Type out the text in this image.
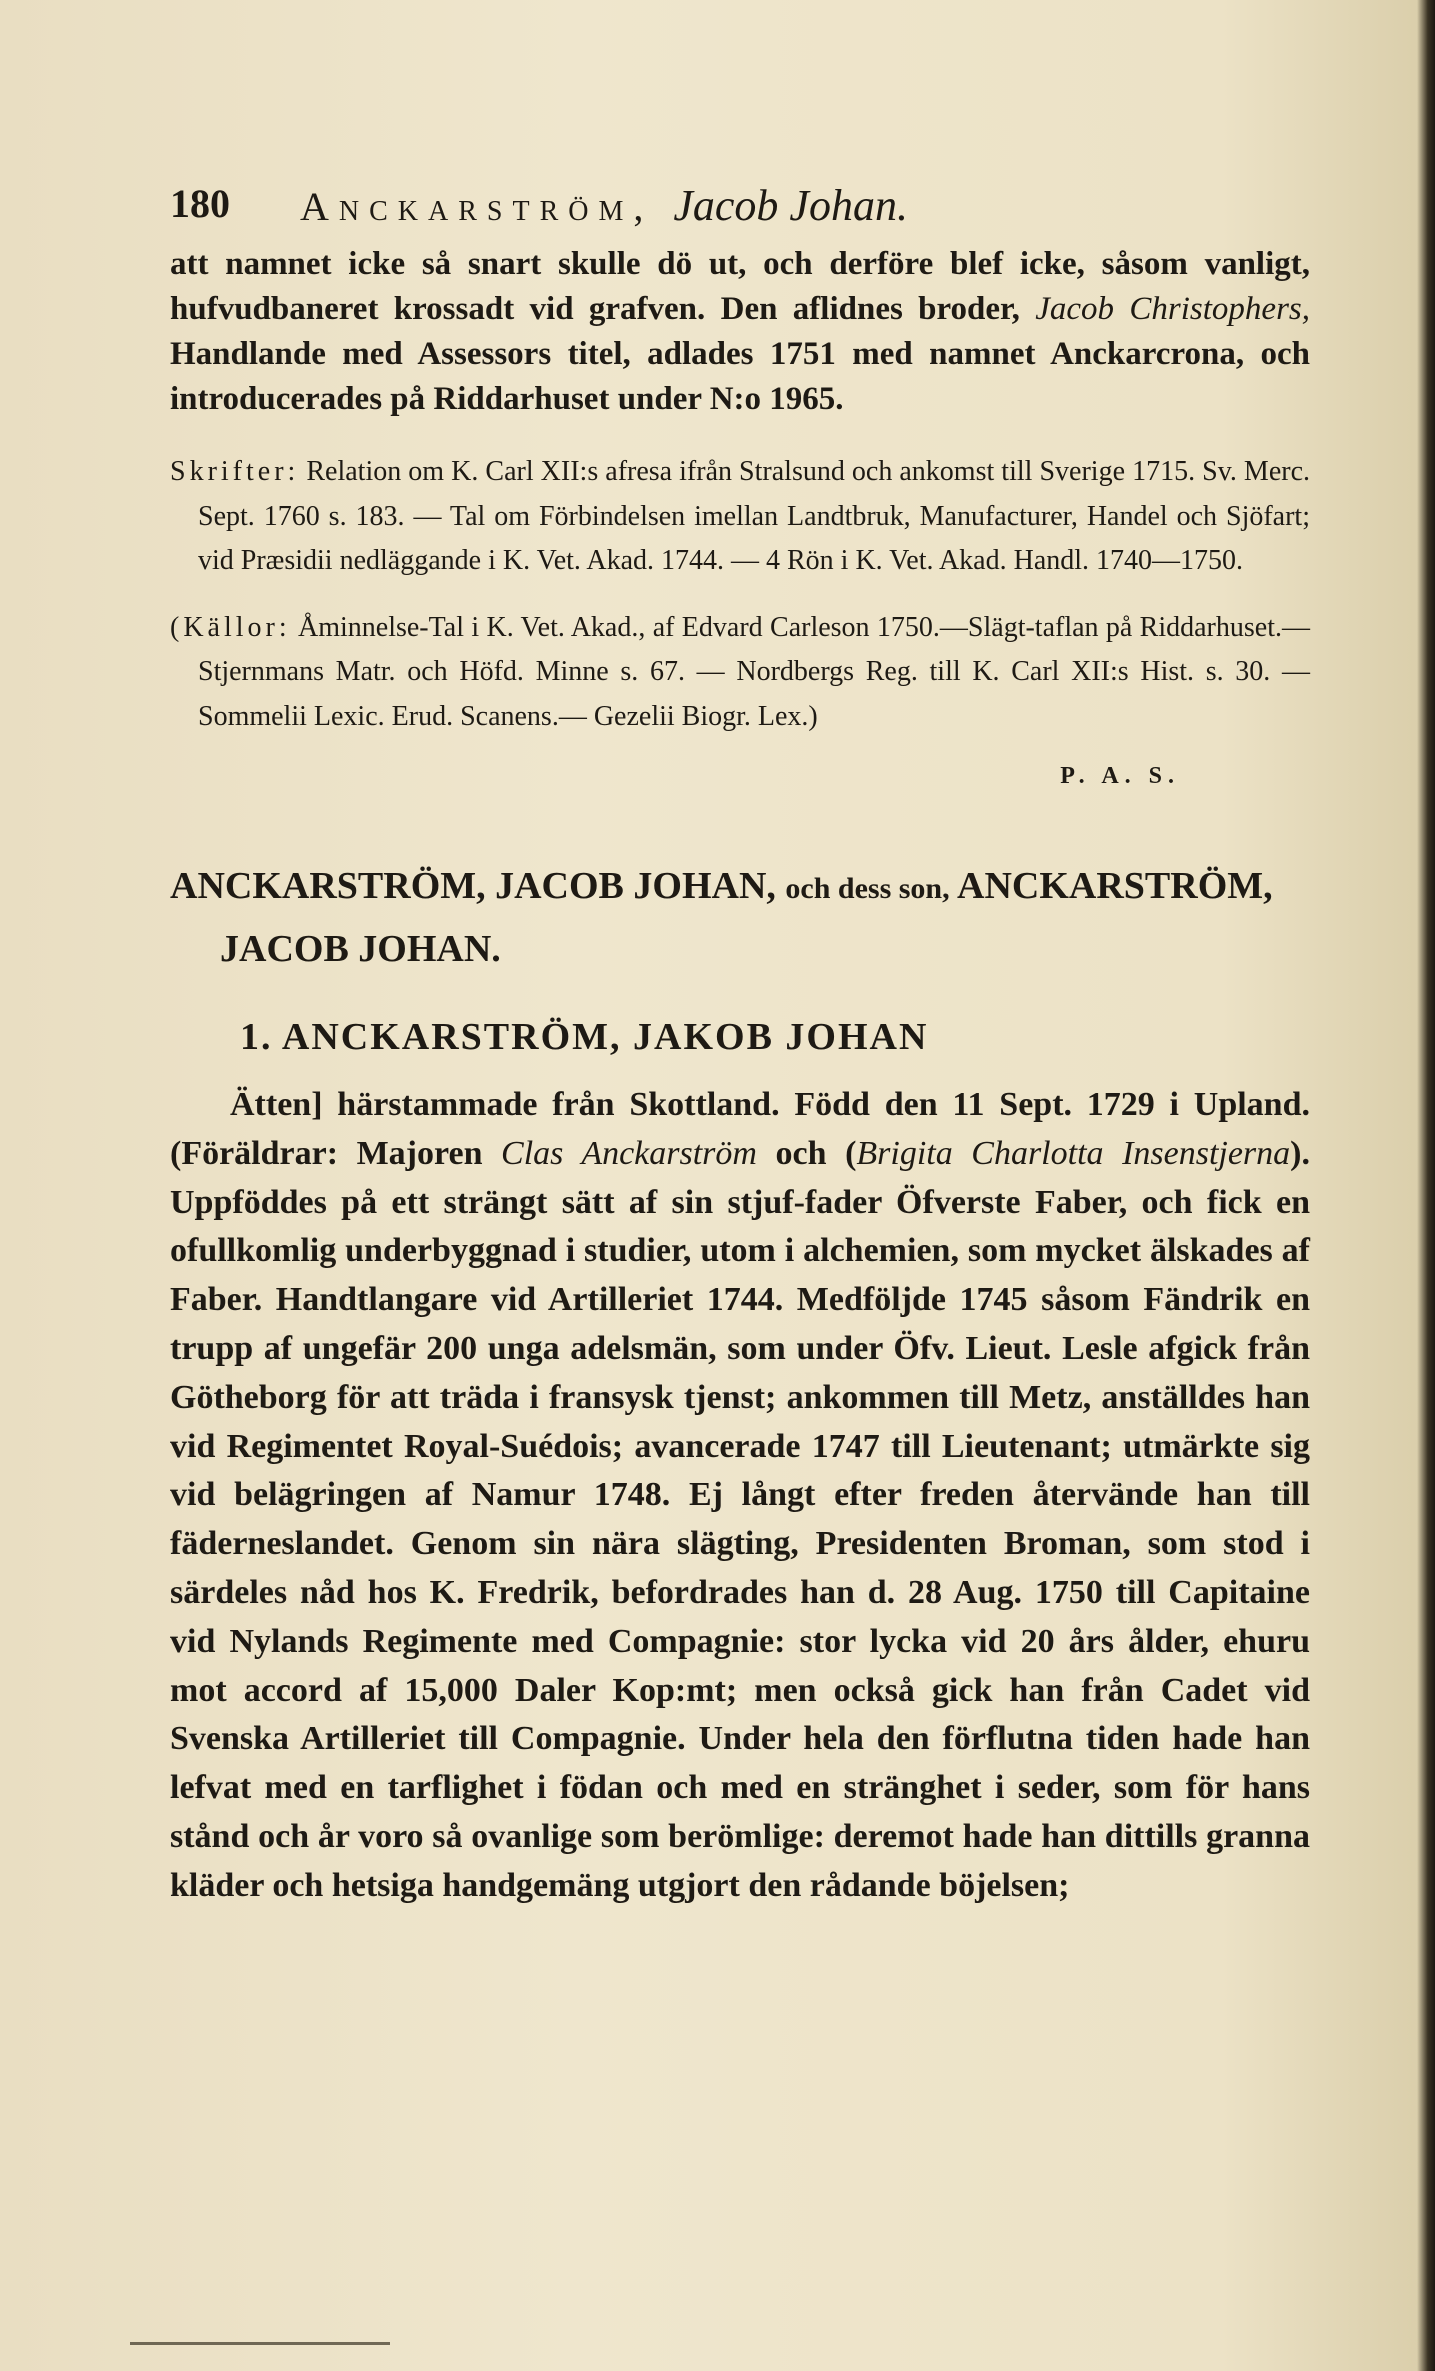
180 Anckarström, Jacob Johan.

att namnet icke så snart skulle dö ut, och derföre blef icke, såsom vanligt, hufvudbaneret krossadt vid grafven. Den aflidnes broder, Jacob Christophers, Handlande med Assessors titel, adlades 1751 med namnet Anckarcrona, och introducerades på Riddarhuset under N:o 1965.

Skrifter: Relation om K. Carl XII:s afresa ifrån Stralsund och ankomst till Sverige 1715. Sv. Merc. Sept. 1760 s. 183. — Tal om Förbindelsen imellan Landtbruk, Manufacturer, Handel och Sjöfart; vid Præsidii nedläggande i K. Vet. Akad. 1744. — 4 Rön i K. Vet. Akad. Handl. 1740—1750.

(Källor: Åminnelse-Tal i K. Vet. Akad., af Edvard Carleson 1750.—Slägt-taflan på Riddarhuset.—Stjernmans Matr. och Höfd. Minne s. 67. — Nordbergs Reg. till K. Carl XII:s Hist. s. 30. — Sommelii Lexic. Erud. Scanens.— Gezelii Biogr. Lex.)

P. A. S.

ANCKARSTRÖM, JACOB JOHAN, och dess son, ANCKARSTRÖM, JACOB JOHAN.

1. ANCKARSTRÖM, JAKOB JOHAN

Ätten] härstammade från Skottland. Född den 11 Sept. 1729 i Upland. (Föräldrar: Majoren Clas Anckarström och (Brigita Charlotta Insenstjerna). Uppföddes på ett strängt sätt af sin stjuf-fader Öfverste Faber, och fick en ofullkomlig underbyggnad i studier, utom i alchemien, som mycket älskades af Faber. Handtlangare vid Artilleriet 1744. Medföljde 1745 såsom Fändrik en trupp af ungefär 200 unga adelsmän, som under Öfv. Lieut. Lesle afgick från Götheborg för att träda i fransysk tjenst; ankommen till Metz, anställdes han vid Regimentet Royal-Suédois; avancerade 1747 till Lieutenant; utmärkte sig vid belägringen af Namur 1748. Ej långt efter freden återvände han till fäderneslandet. Genom sin nära slägting, Presidenten Broman, som stod i särdeles nåd hos K. Fredrik, befordrades han d. 28 Aug. 1750 till Capitaine vid Nylands Regimente med Compagnie: stor lycka vid 20 års ålder, ehuru mot accord af 15,000 Daler Kop:mt; men också gick han från Cadet vid Svenska Artilleriet till Compagnie. Under hela den förflutna tiden hade han lefvat med en tarflighet i födan och med en stränghet i seder, som för hans stånd och år voro så ovanlige som berömlige: deremot hade han dittills granna kläder och hetsiga handgemäng utgjort den rådande böjelsen;
